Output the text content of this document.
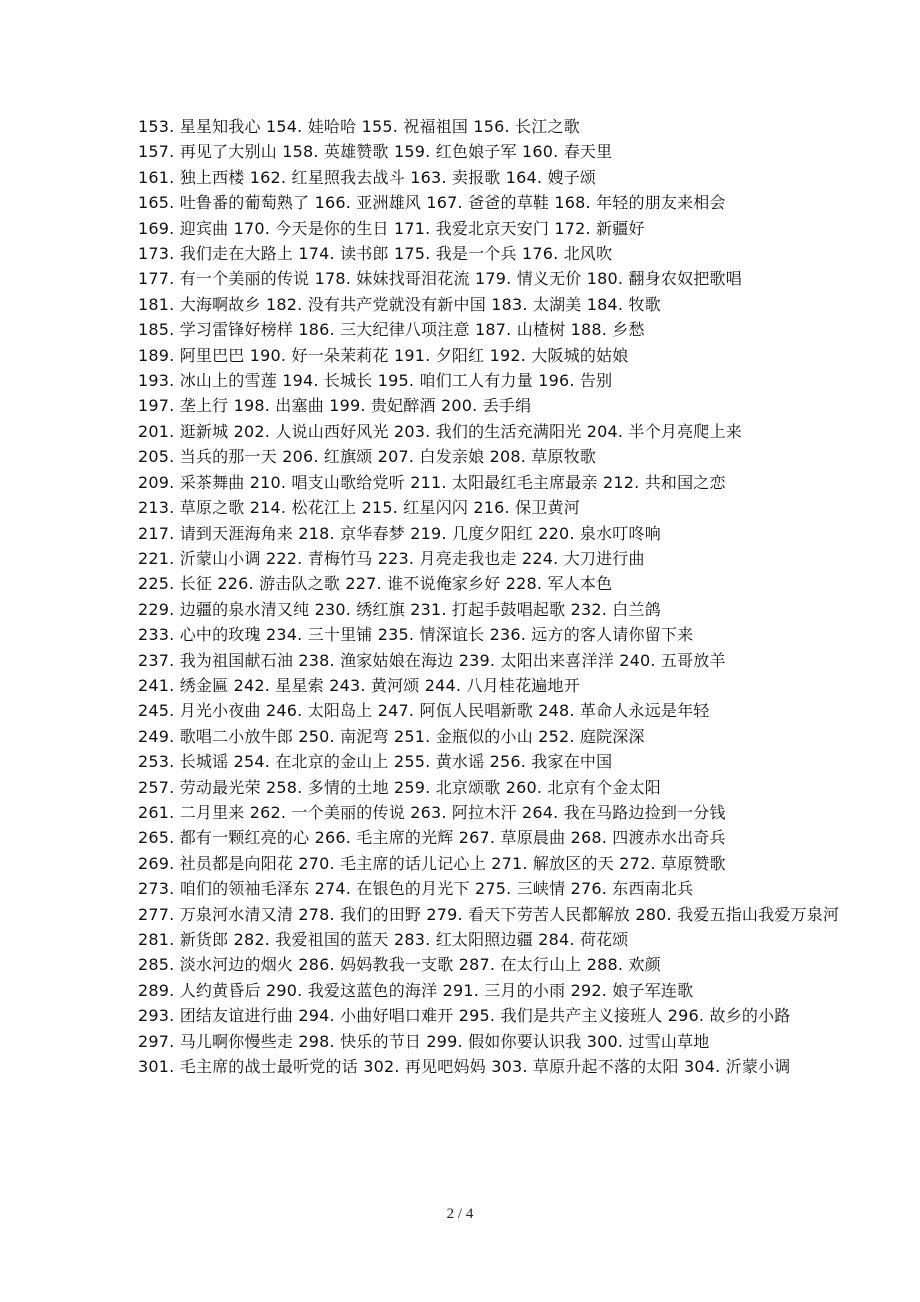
153. 星星知我心 154. 娃哈哈 155. 祝福祖国 156. 长江之歌
157. 再见了大别山 158. 英雄赞歌 159. 红色娘子军 160. 春天里
161. 独上西楼 162. 红星照我去战斗 163. 卖报歌 164. 嫂子颂
165. 吐鲁番的葡萄熟了 166. 亚洲雄风 167. 爸爸的草鞋 168. 年轻的朋友来相会
169. 迎宾曲 170. 今天是你的生日 171. 我爱北京天安门 172. 新疆好
173. 我们走在大路上 174. 读书郎 175. 我是一个兵 176. 北风吹
177. 有一个美丽的传说 178. 妹妹找哥泪花流 179. 情义无价 180. 翻身农奴把歌唱
181. 大海啊故乡 182. 没有共产党就没有新中国 183. 太湖美 184. 牧歌
185. 学习雷锋好榜样 186. 三大纪律八项注意 187. 山楂树 188. 乡愁
189. 阿里巴巴 190. 好一朵茉莉花 191. 夕阳红 192. 大阪城的姑娘
193. 冰山上的雪莲 194. 长城长 195. 咱们工人有力量 196. 告别
197. 垄上行 198. 出塞曲 199. 贵妃醉酒 200. 丢手绢
201. 逛新城 202. 人说山西好风光 203. 我们的生活充满阳光 204. 半个月亮爬上来
205. 当兵的那一天 206. 红旗颂 207. 白发亲娘 208. 草原牧歌
209. 采茶舞曲 210. 唱支山歌给党听 211. 太阳最红毛主席最亲 212. 共和国之恋
213. 草原之歌 214. 松花江上 215. 红星闪闪 216. 保卫黄河
217. 请到天涯海角来 218. 京华春梦 219. 几度夕阳红 220. 泉水叮咚响
221. 沂蒙山小调 222. 青梅竹马 223. 月亮走我也走 224. 大刀进行曲
225. 长征 226. 游击队之歌 227. 谁不说俺家乡好 228. 军人本色
229. 边疆的泉水清又纯 230. 绣红旗 231. 打起手鼓唱起歌 232. 白兰鸽
233. 心中的玫瑰 234. 三十里铺 235. 情深谊长 236. 远方的客人请你留下来
237. 我为祖国献石油 238. 渔家姑娘在海边 239. 太阳出来喜洋洋 240. 五哥放羊
241. 绣金匾 242. 星星索 243. 黄河颂 244. 八月桂花遍地开
245. 月光小夜曲 246. 太阳岛上 247. 阿佤人民唱新歌 248. 革命人永远是年轻
249. 歌唱二小放牛郎 250. 南泥弯 251. 金瓶似的小山 252. 庭院深深
253. 长城谣 254. 在北京的金山上 255. 黄水谣 256. 我家在中国
257. 劳动最光荣 258. 多情的土地 259. 北京颂歌 260. 北京有个金太阳
261. 二月里来 262. 一个美丽的传说 263. 阿拉木汗 264. 我在马路边捡到一分钱
265. 都有一颗红亮的心 266. 毛主席的光辉 267. 草原晨曲 268. 四渡赤水出奇兵
269. 社员都是向阳花 270. 毛主席的话儿记心上 271. 解放区的天 272. 草原赞歌
273. 咱们的领袖毛泽东 274. 在银色的月光下 275. 三峡情 276. 东西南北兵
277. 万泉河水清又清 278. 我们的田野 279. 看天下劳苦人民都解放 280. 我爱五指山我爱万泉河
281. 新货郎 282. 我爱祖国的蓝天 283. 红太阳照边疆 284. 荷花颂
285. 淡水河边的烟火 286. 妈妈教我一支歌 287. 在太行山上 288. 欢颜
289. 人约黄昏后 290. 我爱这蓝色的海洋 291. 三月的小雨 292. 娘子军连歌
293. 团结友谊进行曲 294. 小曲好唱口难开 295. 我们是共产主义接班人 296. 故乡的小路
297. 马儿啊你慢些走 298. 快乐的节日 299. 假如你要认识我 300. 过雪山草地
301. 毛主席的战士最听党的话 302. 再见吧妈妈 303. 草原升起不落的太阳 304. 沂蒙小调
2 / 4
